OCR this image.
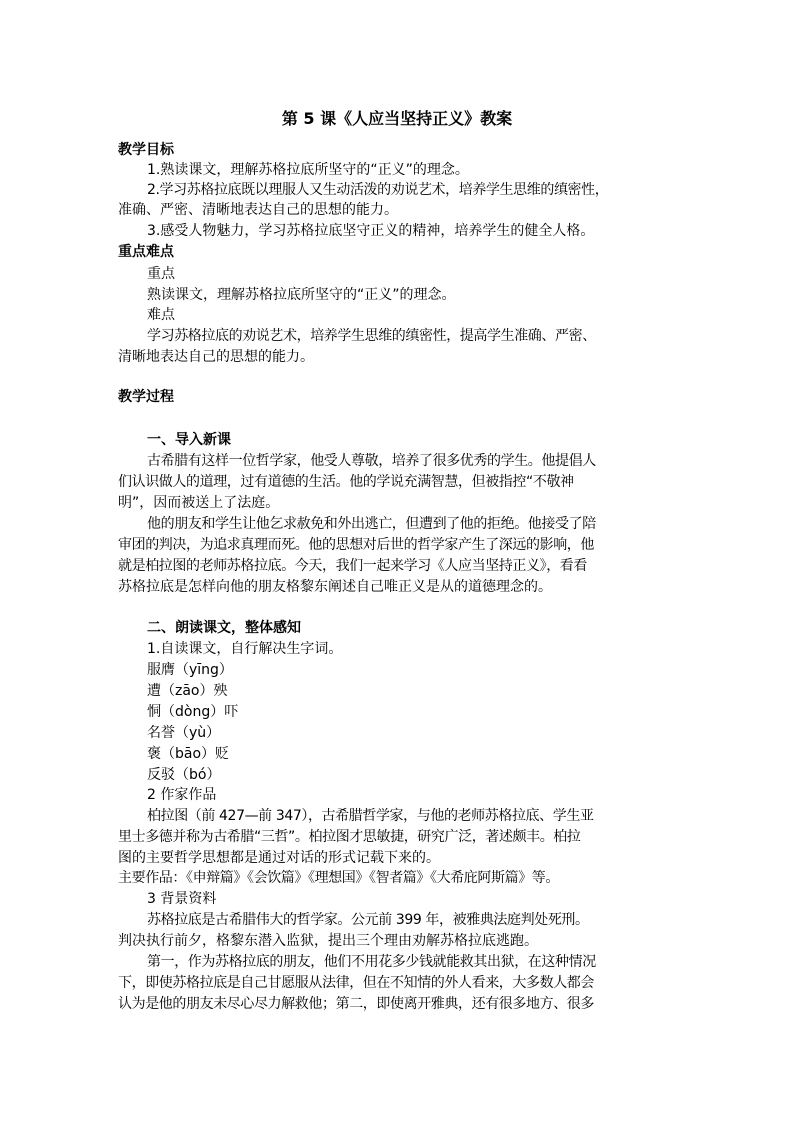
第 5 课《人应当坚持正义》教案
教学目标
1.熟读课文，理解苏格拉底所坚守的“正义”的理念。
2.学习苏格拉底既以理服人又生动活泼的劝说艺术，培养学生思维的缜密性，
准确、严密、清晰地表达自己的思想的能力。
3.感受人物魅力，学习苏格拉底坚守正义的精神，培养学生的健全人格。
重点难点
重点
熟读课文，理解苏格拉底所坚守的“正义”的理念。
难点
学习苏格拉底的劝说艺术，培养学生思维的缜密性，提高学生准确、严密、
清晰地表达自己的思想的能力。
教学过程
一、导入新课
古希腊有这样一位哲学家，他受人尊敬，培养了很多优秀的学生。他提倡人
们认识做人的道理，过有道德的生活。他的学说充满智慧，但被指控“不敬神
明”，因而被送上了法庭。
他的朋友和学生让他乞求赦免和外出逃亡，但遭到了他的拒绝。他接受了陪
审团的判决，为追求真理而死。他的思想对后世的哲学家产生了深远的影响，他
就是柏拉图的老师苏格拉底。今天，我们一起来学习《人应当坚持正义》，看看
苏格拉底是怎样向他的朋友格黎东阐述自己唯正义是从的道德理念的。
二、朗读课文，整体感知
1.自读课文，自行解决生字词。
服膺（yīng）
遭（zāo）殃
恫（dòng）吓
名誉（yù）
褒（bāo）贬
反驳（bó）
2 作家作品
柏拉图（前 427—前 347），古希腊哲学家，与他的老师苏格拉底、学生亚
里士多德并称为古希腊“三哲”。柏拉图才思敏捷，研究广泛，著述颇丰。柏拉
图的主要哲学思想都是通过对话的形式记载下来的。
主要作品：《申辩篇》《会饮篇》《理想国》《智者篇》《大希庇阿斯篇》等。
3 背景资料
苏格拉底是古希腊伟大的哲学家。公元前 399 年，被雅典法庭判处死刑。
判决执行前夕，格黎东潜入监狱，提出三个理由劝解苏格拉底逃跑。
第一，作为苏格拉底的朋友，他们不用花多少钱就能救其出狱，在这种情况
下，即使苏格拉底是自己甘愿服从法律，但在不知情的外人看来，大多数人都会
认为是他的朋友未尽心尽力解救他；第二，即使离开雅典，还有很多地方、很多
